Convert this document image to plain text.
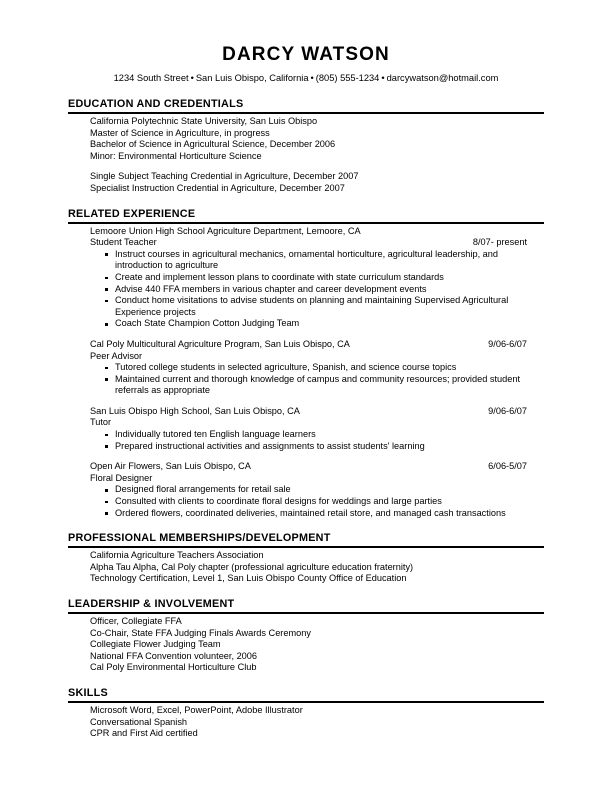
DARCY WATSON
1234 South Street • San Luis Obispo, California • (805) 555-1234 • darcywatson@hotmail.com
EDUCATION AND CREDENTIALS
California Polytechnic State University, San Luis Obispo
Master of Science in Agriculture, in progress
Bachelor of Science in Agricultural Science, December 2006
Minor: Environmental Horticulture Science
Single Subject Teaching Credential in Agriculture, December 2007
Specialist Instruction Credential in Agriculture, December 2007
RELATED EXPERIENCE
Lemoore Union High School Agriculture Department, Lemoore, CA
Student Teacher	8/07- present
Instruct courses in agricultural mechanics, ornamental horticulture, agricultural leadership, and introduction to agriculture
Create and implement lesson plans to coordinate with state curriculum standards
Advise 440 FFA members in various chapter and career development events
Conduct home visitations to advise students on planning and maintaining Supervised Agricultural Experience projects
Coach State Champion Cotton Judging Team
Cal Poly Multicultural Agriculture Program, San Luis Obispo, CA	9/06-6/07
Peer Advisor
Tutored college students in selected agriculture, Spanish, and science course topics
Maintained current and thorough knowledge of campus and community resources; provided student referrals as appropriate
San Luis Obispo High School, San Luis Obispo, CA	9/06-6/07
Tutor
Individually tutored ten English language learners
Prepared instructional activities and assignments to assist students' learning
Open Air Flowers, San Luis Obispo, CA	6/06-5/07
Floral Designer
Designed floral arrangements for retail sale
Consulted with clients to coordinate floral designs for weddings and large parties
Ordered flowers, coordinated deliveries, maintained retail store, and managed cash transactions
PROFESSIONAL MEMBERSHIPS/DEVELOPMENT
California Agriculture Teachers Association
Alpha Tau Alpha, Cal Poly chapter (professional agriculture education fraternity)
Technology Certification, Level 1, San Luis Obispo County Office of Education
LEADERSHIP & INVOLVEMENT
Officer, Collegiate FFA
Co-Chair, State FFA Judging Finals Awards Ceremony
Collegiate Flower Judging Team
National FFA Convention volunteer, 2006
Cal Poly Environmental Horticulture Club
SKILLS
Microsoft Word, Excel, PowerPoint, Adobe Illustrator
Conversational Spanish
CPR and First Aid certified
